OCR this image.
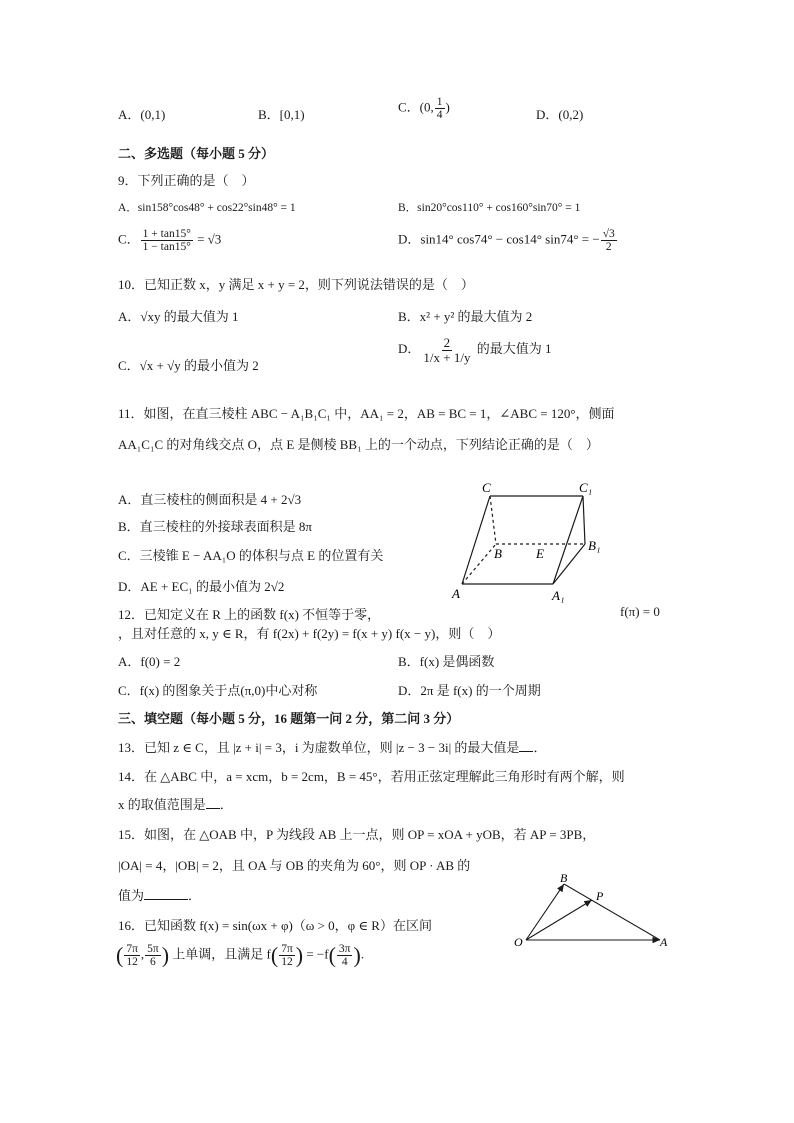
A．(0,1)	B．[0,1)	C．(0, $\frac{1}{4}$ )	D．(0,2)
二、多选题（每小题 5 分）
9．下列正确的是（　）
A．sin158°cos48° + cos22°sin48° = 1	B．sin20°cos110° + cos160°sin70° = 1
C． $\frac{1 + \tan 15^\circ}{1 - \tan 15^\circ} = √3$	D．sin14° cos74° − cos14° sin74° = − $\frac{√3}{2}$
10．已知正数 x，y 满足 x + y = 2，则下列说法错误的是（　）
A．√xy 的最大值为 1	B．x² + y² 的最大值为 2
C．√x + √y 的最小值为 2
D． $\frac{2}{1/x + 1/y}$ 的最大值为 1
11．如图，在直三棱柱 ABC − A₁B₁C₁ 中，AA₁ = 2，AB = BC = 1，∠ABC = 120°，侧面
AA₁C₁C 的对角线交点 O，点 E 是侧棱 BB₁ 上的一个动点，下列结论正确的是（　）
A．直三棱柱的侧面积是 4 + 2√3
B．直三棱柱的外接球表面积是 8π
C．三棱锥 E − AA₁O 的体积与点 E 的位置有关
D．AE + EC₁ 的最小值为 2√2
C	C₁
B	E
B₁
A	A₁
12．已知定义在 R 上的函数 f(x) 不恒等于零，	f(π) = 0
，且对任意的 x, y ∈ R，有 f(2x) + f(2y) = f(x + y) f(x − y)，则（　）
A．f(0) = 2	B．f(x) 是偶函数
C．f(x) 的图象关于点(π,0)中心对称	D．2π 是 f(x) 的一个周期
三、填空题（每小题 5 分，16 题第一问 2 分，第二问 3 分）
13．已知 z ∈ C，且 |z + i| = 3，i 为虚数单位，则 |z − 3 − 3i| 的最大值是 ．
14．在 △ABC 中，a = xcm，b = 2cm，B = 45°，若用正弦定理解此三角形时有两个解，则
x 的取值范围是 ．
15．如图，在 △OAB 中，P 为线段 AB 上一点，则 OP = xOA + yOB，若 AP = 3PB，
|OA| = 4，|OB| = 2，且 OA 与 OB 的夹角为 60°，则 OP · AB 的
值为	．
B
P
O	A
16．已知函数 f(x) = sin(ωx + φ)（ω > 0，φ ∈ R）在区间
( $\frac{7\pi}{12}$ , $\frac{5\pi}{6}$ ) 上单调，且满足 $f( \frac{7\pi}{12}$ ) = $-f( \frac{3\pi}{4}$ ).
